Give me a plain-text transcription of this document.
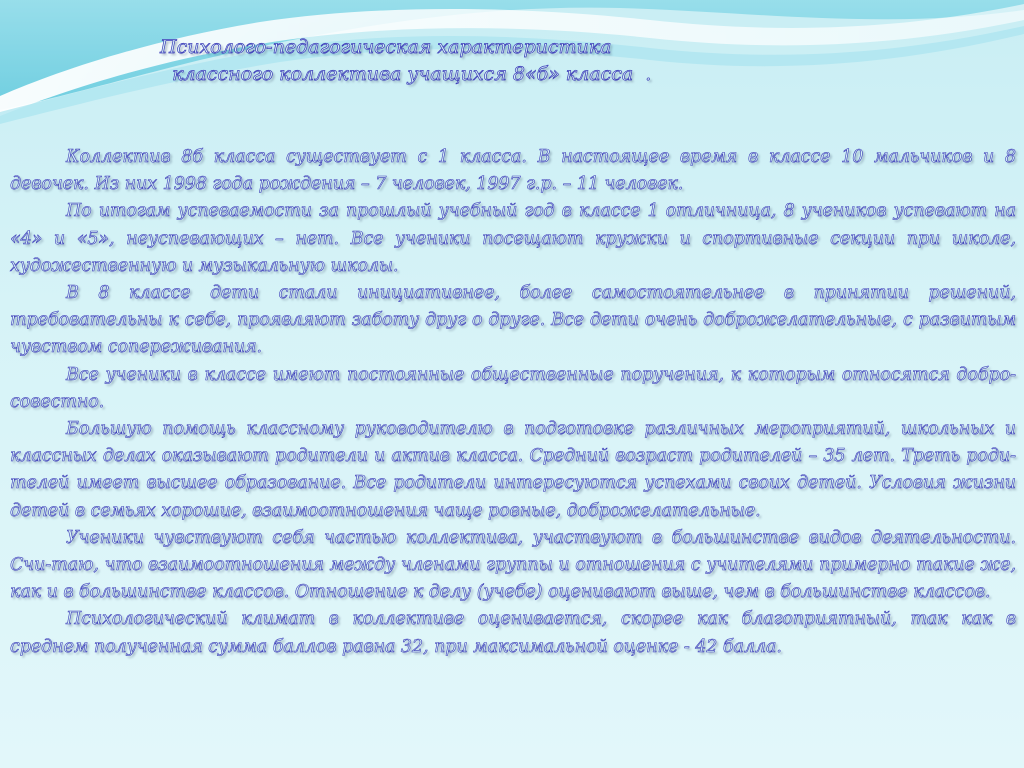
Психолого-педагогическая характеристика
классного коллектива учащихся 8«б» класса  .

Коллектив 8б класса существует с 1 класса. В настоящее время в классе 10 мальчиков и 8 девочек. Из них 1998 года рождения – 7 человек, 1997 г.р. – 11 человек.

По итогам успеваемости за прошлый учебный год в классе 1 отличница, 8 учеников успевают на «4» и «5», неуспевающих – нет. Все ученики посещают кружки и спортивные секции при школе, художественную и музыкальную школы.

В 8 классе дети стали инициативнее, более самостоятельнее в принятии решений, требовательны к себе, проявляют заботу друг о друге. Все дети очень доброжелательные, с развитым чувством сопереживания.

Все ученики в классе имеют постоянные общественные поручения, к которым относятся добро-совестно.

Большую помощь классному руководителю в подготовке различных мероприятий, школьных и классных делах оказывают родители и актив класса. Средний возраст родителей – 35 лет. Треть роди-телей имеет высшее образование. Все родители интересуются успехами своих детей. Условия жизни детей в семьях хорошие, взаимоотношения чаще ровные, доброжелательные.

Ученики чувствуют себя частью коллектива, участвуют в большинстве видов деятельности. Счи-таю, что взаимоотношения между членами группы и отношения с учителями примерно такие же, как и в большинстве классов. Отношение к делу (учебе) оценивают выше, чем в большинстве классов.

Психологический климат в коллективе оценивается, скорее как благоприятный, так как в среднем полученная сумма баллов равна 32, при максимальной оценке - 42 балла.
